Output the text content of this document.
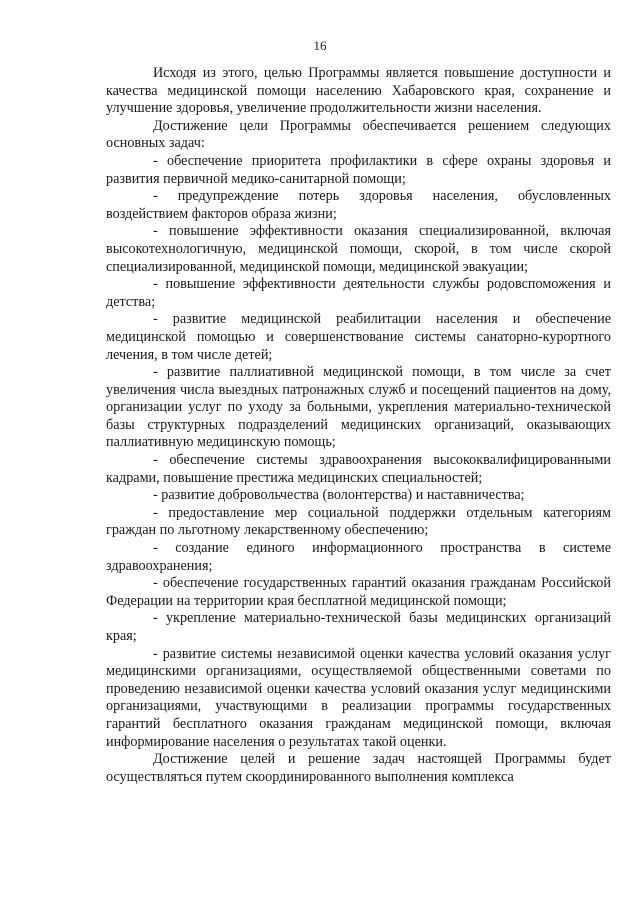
16

Исходя из этого, целью Программы является повышение доступности и качества медицинской помощи населению Хабаровского края, сохранение и улучшение здоровья, увеличение продолжительности жизни населения.

Достижение цели Программы обеспечивается решением следующих основных задач:

- обеспечение приоритета профилактики в сфере охраны здоровья и развития первичной медико-санитарной помощи;

- предупреждение потерь здоровья населения, обусловленных воздействием факторов образа жизни;

- повышение эффективности оказания специализированной, включая высокотехнологичную, медицинской помощи, скорой, в том числе скорой специализированной, медицинской помощи, медицинской эвакуации;

- повышение эффективности деятельности службы родовспоможения и детства;

- развитие медицинской реабилитации населения и обеспечение медицинской помощью и совершенствование системы санаторно-курортного лечения, в том числе детей;

- развитие паллиативной медицинской помощи, в том числе за счет увеличения числа выездных патронажных служб и посещений пациентов на дому, организации услуг по уходу за больными, укрепления материально-технической базы структурных подразделений медицинских организаций, оказывающих паллиативную медицинскую помощь;

- обеспечение системы здравоохранения высококвалифицированными кадрами, повышение престижа медицинских специальностей;

- развитие добровольчества (волонтерства) и наставничества;

- предоставление мер социальной поддержки отдельным категориям граждан по льготному лекарственному обеспечению;

- создание единого информационного пространства в системе здравоохранения;

- обеспечение государственных гарантий оказания гражданам Российской Федерации на территории края бесплатной медицинской помощи;

- укрепление материально-технической базы медицинских организаций края;

- развитие системы независимой оценки качества условий оказания услуг медицинскими организациями, осуществляемой общественными советами по проведению независимой оценки качества условий оказания услуг медицинскими организациями, участвующими в реализации программы государственных гарантий бесплатного оказания гражданам медицинской помощи, включая информирование населения о результатах такой оценки.

Достижение целей и решение задач настоящей Программы будет осуществляться путем скоординированного выполнения комплекса
